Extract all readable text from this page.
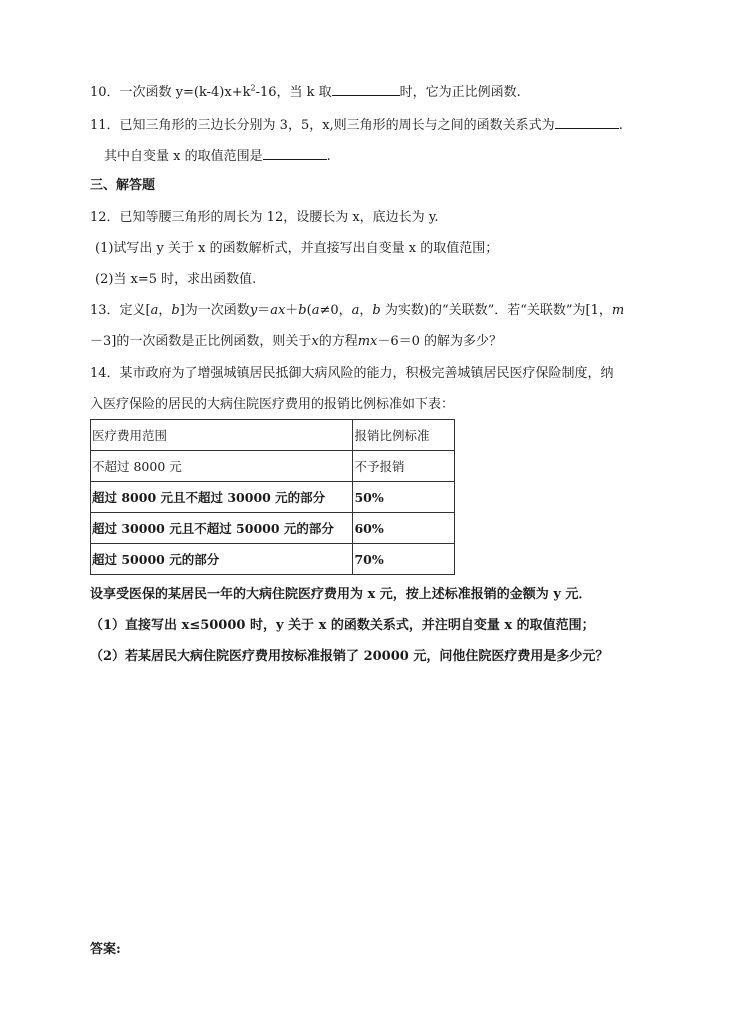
10．一次函数 $y=(k-4)x+k^2-16$，当 k 取	时，它为正比例函数.
11．已知三角形的三边长分别为 3，5，x,则三角形的周长与之间的函数关系式为	.
其中自变量 x 的取值范围是	.
三、解答题
12．已知等腰三角形的周长为 12，设腰长为 x，底边长为 y.
(1)试写出 y 关于 x 的函数解析式，并直接写出自变量 x 的取值范围；
(2)当 x=5 时，求出函数值.
13．定义[a，b]为一次函数y＝ax＋b(a≠0，a，b 为实数)的“关联数”．若“关联数”为[1，m
－3]的一次函数是正比例函数，则关于x的方程mx－6＝0 的解为多少？
14．某市政府为了增强城镇居民抵御大病风险的能力，积极完善城镇居民医疗保险制度，纳
入医疗保险的居民的大病住院医疗费用的报销比例标准如下表：
医疗费用范围	报销比例标准
不超过 8000 元	不予报销
超过 8000 元且不超过 30000 元的部分	50%
超过 30000 元且不超过 50000 元的部分	60%
超过 50000 元的部分	70%
设享受医保的某居民一年的大病住院医疗费用为 x 元，按上述标准报销的金额为 y 元．
（1）直接写出 x≤50000 时，y 关于 x 的函数关系式，并注明自变量 x 的取值范围；
（2）若某居民大病住院医疗费用按标准报销了 20000 元，问他住院医疗费用是多少元？
答案:
